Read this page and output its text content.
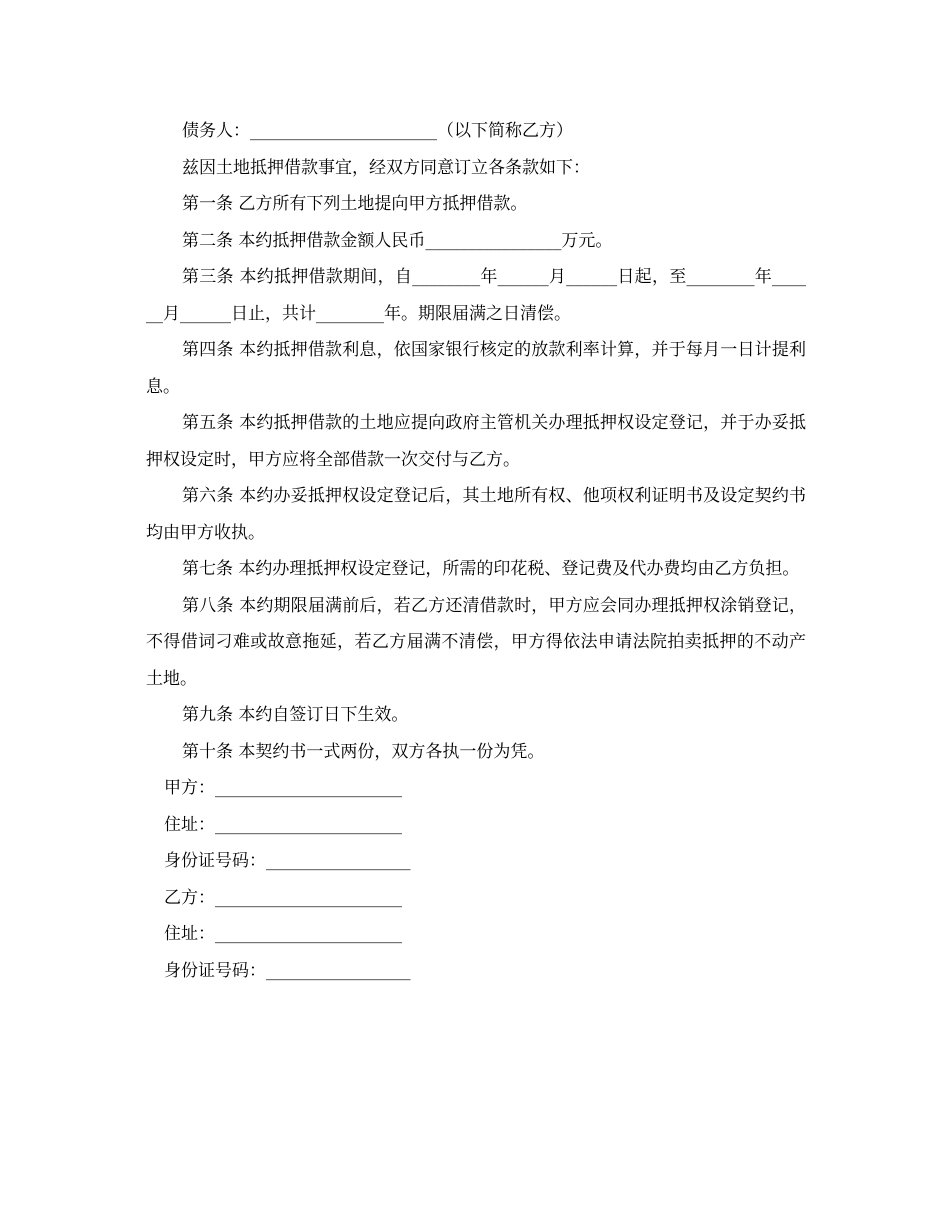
债务人：______________________（以下简称乙方）

兹因土地抵押借款事宜，经双方同意订立各条款如下：

第一条 乙方所有下列土地提向甲方抵押借款。

第二条 本约抵押借款金额人民币________________万元。

第三条 本约抵押借款期间，自________年______月______日起，至________年______月______日止，共计________年。期限届满之日清偿。

第四条 本约抵押借款利息，依国家银行核定的放款利率计算，并于每月一日计提利息。

第五条 本约抵押借款的土地应提向政府主管机关办理抵押权设定登记，并于办妥抵押权设定时，甲方应将全部借款一次交付与乙方。

第六条 本约办妥抵押权设定登记后，其土地所有权、他项权利证明书及设定契约书均由甲方收执。

第七条 本约办理抵押权设定登记，所需的印花税、登记费及代办费均由乙方负担。

第八条 本约期限届满前后，若乙方还清借款时，甲方应会同办理抵押权涂销登记，不得借词刁难或故意拖延，若乙方届满不清偿，甲方得依法申请法院拍卖抵押的不动产土地。

第九条 本约自签订日下生效。

第十条 本契约书一式两份，双方各执一份为凭。

甲方：______________________

住址：______________________

身份证号码：_________________

乙方：______________________

住址：______________________

身份证号码：_________________
